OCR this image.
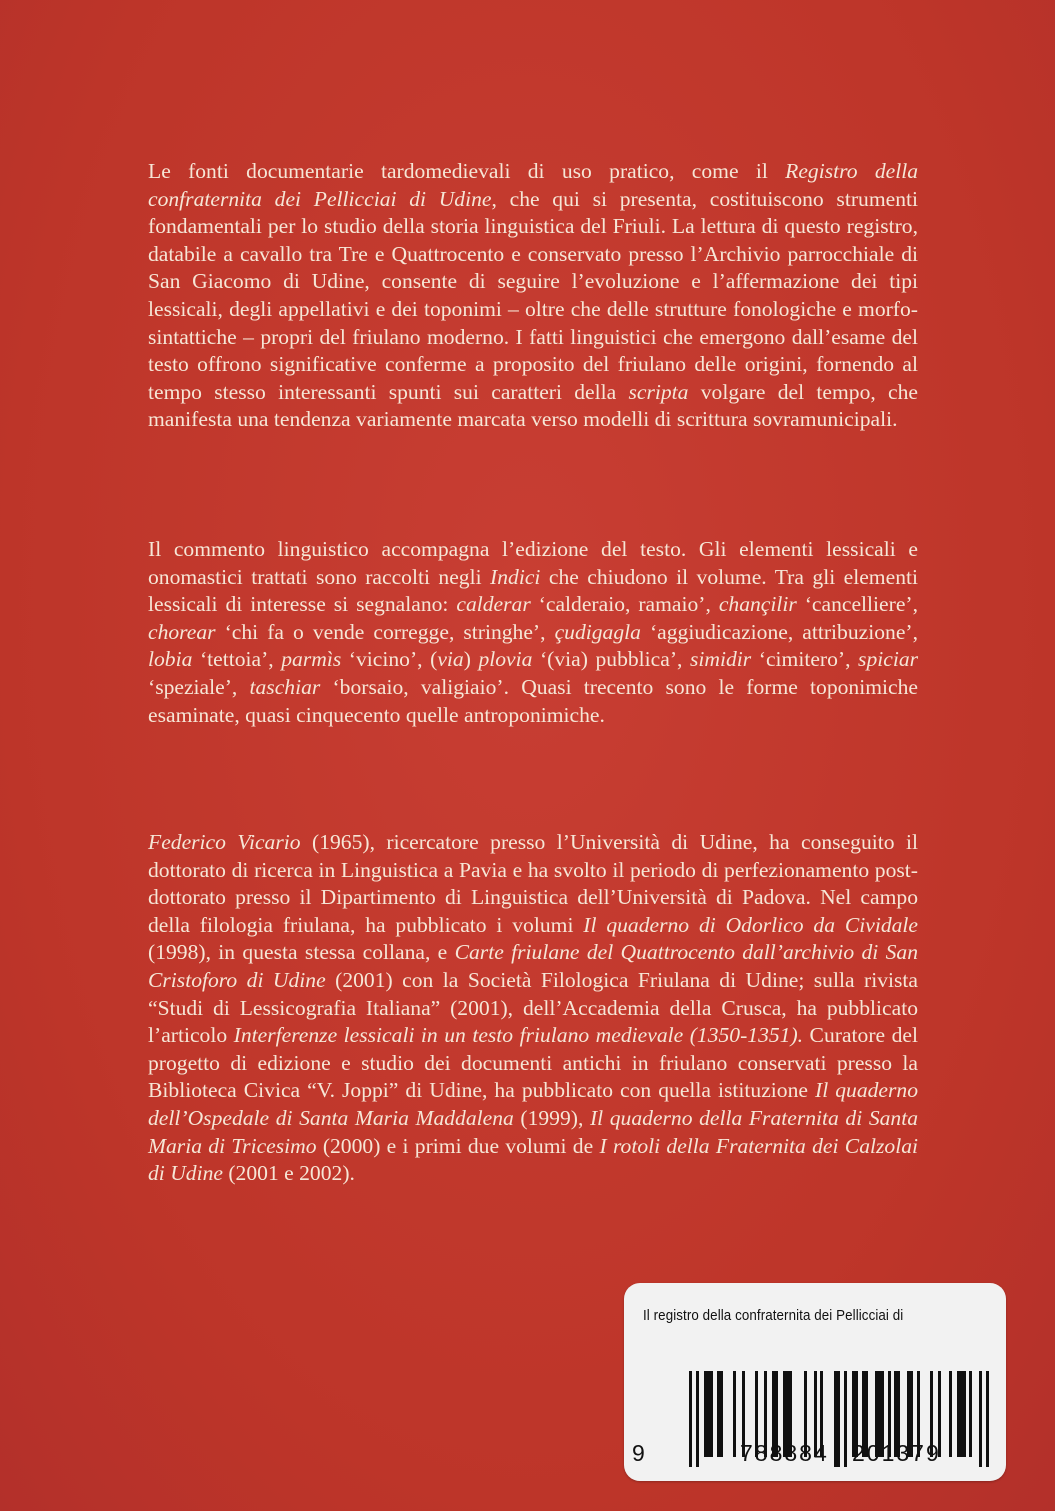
Le fonti documentarie tardomedievali di uso pratico, come il Registro della confraternita dei Pellicciai di Udine, che qui si presenta, costituiscono strumenti fondamentali per lo studio della storia linguistica del Friuli. La lettura di questo registro, databile a cavallo tra Tre e Quattrocento e conservato presso l’Archivio parrocchiale di San Giacomo di Udine, consente di seguire l’evoluzione e l’affermazione dei tipi lessicali, degli appellativi e dei toponimi – oltre che delle strutture fonologiche e morfo-sintattiche – propri del friulano moderno. I fatti linguistici che emergono dall’esame del testo offrono significative conferme a proposito del friulano delle origini, fornendo al tempo stesso interessanti spunti sui caratteri della scripta volgare del tempo, che manifesta una tendenza variamente marcata verso modelli di scrittura sovramunicipali.

Il commento linguistico accompagna l’edizione del testo. Gli elementi lessicali e onomastici trattati sono raccolti negli Indici che chiudono il volume. Tra gli elementi lessicali di interesse si segnalano: calderar ‘calderaio, ramaio’, chançilir ‘cancelliere’, chorear ‘chi fa o vende corregge, stringhe’, çudigagla ‘aggiudicazione, attribuzione’, lobia ‘tettoia’, parmìs ‘vicino’, (via) plovia ‘(via) pubblica’, simidir ‘cimitero’, spiciar ‘speziale’, taschiar ‘borsaio, valigiaio’. Quasi trecento sono le forme toponimiche esaminate, quasi cinquecento quelle antroponimiche.

Federico Vicario (1965), ricercatore presso l’Università di Udine, ha conseguito il dottorato di ricerca in Linguistica a Pavia e ha svolto il periodo di perfezionamento post-dottorato presso il Dipartimento di Linguistica dell’Università di Padova. Nel campo della filologia friulana, ha pubblicato i volumi Il quaderno di Odorlico da Cividale (1998), in questa stessa collana, e Carte friulane del Quattrocento dall’archivio di San Cristoforo di Udine (2001) con la Società Filologica Friulana di Udine; sulla rivista “Studi di Lessicografia Italiana” (2001), dell’Accademia della Crusca, ha pubblicato l’articolo Interferenze lessicali in un testo friulano medievale (1350-1351). Curatore del progetto di edizione e studio dei documenti antichi in friulano conservati presso la Biblioteca Civica “V. Joppi” di Udine, ha pubblicato con quella istituzione Il quaderno dell’Ospedale di Santa Maria Maddalena (1999), Il quaderno della Fraternita di Santa Maria di Tricesimo (2000) e i primi due volumi de I rotoli della Fraternita dei Calzolai di Udine (2001 e 2002).

Il registro della confraternita dei Pellicciai di
9	788884 201379
